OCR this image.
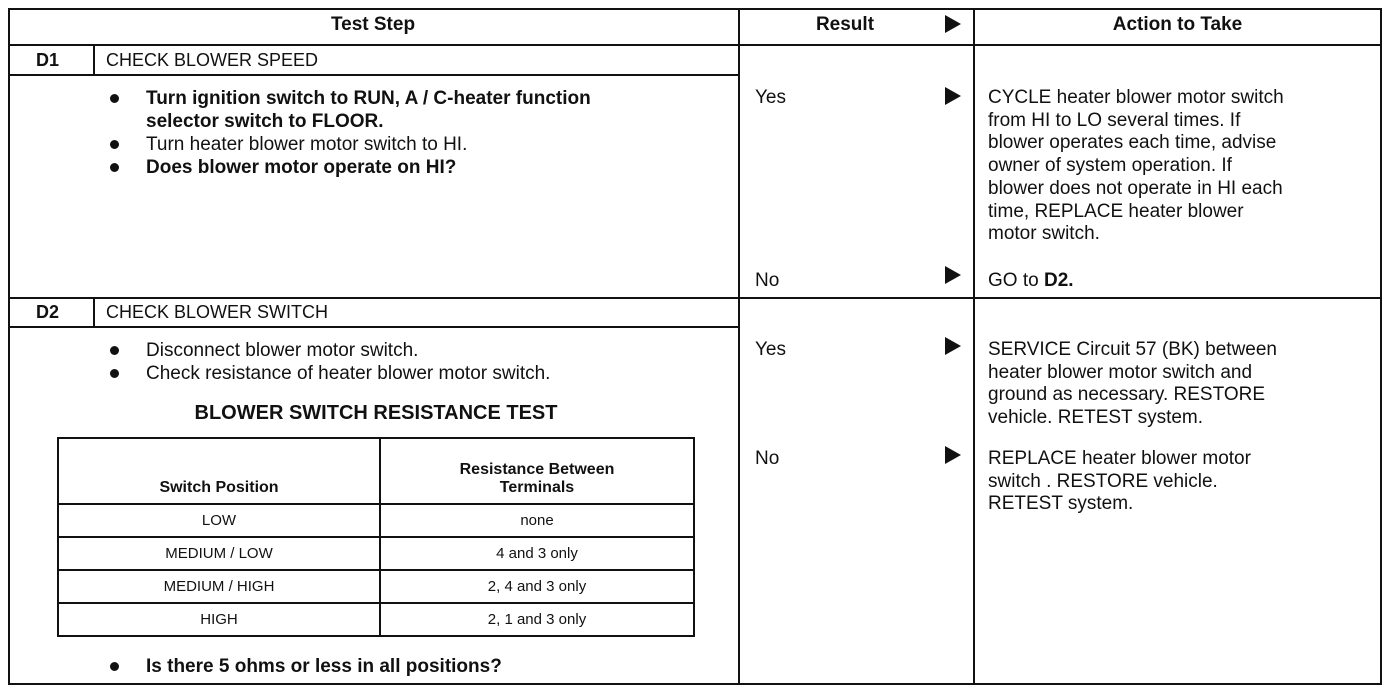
Test Step	Result	Action to Take
D1	CHECK BLOWER SPEED
Turn ignition switch to RUN, A / C-heater function
selector switch to FLOOR.
Turn heater blower motor switch to HI.
Does blower motor operate on HI?
Yes	CYCLE heater blower motor switch
from HI to LO several times. If
blower operates each time, advise
owner of system operation. If
blower does not operate in HI each
time, REPLACE heater blower
motor switch.
No	GO to D2.
D2	CHECK BLOWER SWITCH
Disconnect blower motor switch.
Check resistance of heater blower motor switch.
BLOWER SWITCH RESISTANCE TEST
Switch Position	Resistance Between
Terminals

LOW	none
MEDIUM / LOW	4 and 3 only
MEDIUM / HIGH	2, 4 and 3 only
HIGH	2, 1 and 3 only
Is there 5 ohms or less in all positions?
Yes	SERVICE Circuit 57 (BK) between
heater blower motor switch and
ground as necessary. RESTORE
vehicle. RETEST system.
No	REPLACE heater blower motor
switch . RESTORE vehicle.
RETEST system.
